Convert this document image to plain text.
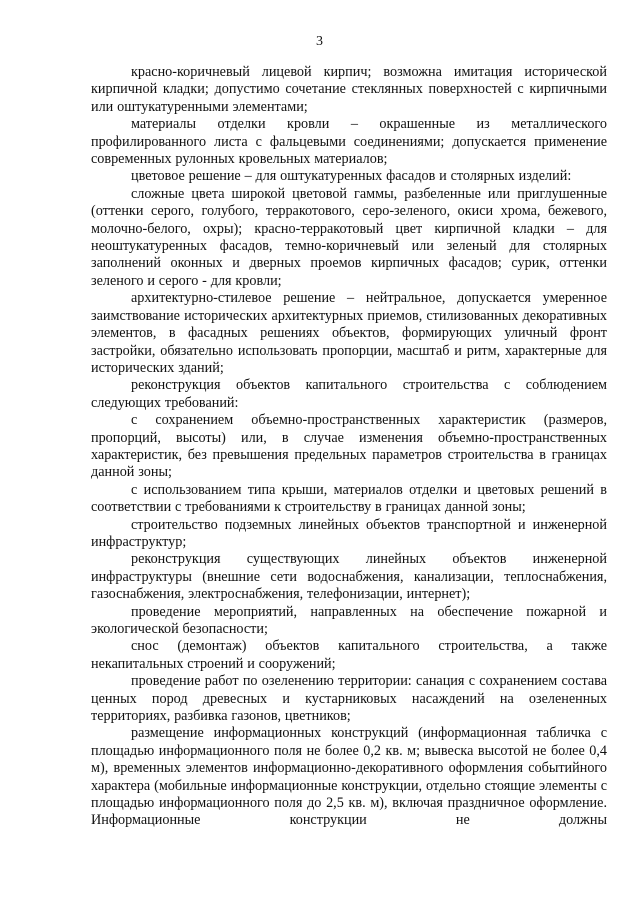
3

красно-коричневый лицевой кирпич; возможна имитация исторической кирпичной кладки; допустимо сочетание стеклянных поверхностей с кирпичными или оштукатуренными элементами;

материалы отделки кровли – окрашенные из металлического профилированного листа с фальцевыми соединениями; допускается применение современных рулонных кровельных материалов;

цветовое решение – для оштукатуренных фасадов и столярных изделий:

сложные цвета широкой цветовой гаммы, разбеленные или приглушенные (оттенки серого, голубого, терракотового, серо-зеленого, окиси хрома, бежевого, молочно-белого, охры); красно-терракотовый цвет кирпичной кладки – для неоштукатуренных фасадов, темно-коричневый или зеленый для столярных заполнений оконных и дверных проемов кирпичных фасадов; сурик, оттенки зеленого и серого - для кровли;

архитектурно-стилевое решение – нейтральное, допускается умеренное заимствование исторических архитектурных приемов, стилизованных декоративных элементов, в фасадных решениях объектов, формирующих уличный фронт застройки, обязательно использовать пропорции, масштаб и ритм, характерные для исторических зданий;

реконструкция объектов капитального строительства с соблюдением следующих требований:

с сохранением объемно-пространственных характеристик (размеров, пропорций, высоты) или, в случае изменения объемно-пространственных характеристик, без превышения предельных параметров строительства в границах данной зоны;

с использованием типа крыши, материалов отделки и цветовых решений в соответствии с требованиями к строительству в границах данной зоны;

строительство подземных линейных объектов транспортной и инженерной инфраструктур;

реконструкция существующих линейных объектов инженерной инфраструктуры (внешние сети водоснабжения, канализации, теплоснабжения, газоснабжения, электроснабжения, телефонизации, интернет);

проведение мероприятий, направленных на обеспечение пожарной и экологической безопасности;

снос (демонтаж) объектов капитального строительства, а также некапитальных строений и сооружений;

проведение работ по озеленению территории: санация с сохранением состава ценных пород древесных и кустарниковых насаждений на озелененных территориях, разбивка газонов, цветников;

размещение информационных конструкций (информационная табличка с площадью информационного поля не более 0,2 кв. м; вывеска высотой не более 0,4 м), временных элементов информационно-декоративного оформления событийного характера (мобильные информационные конструкции, отдельно стоящие элементы с площадью информационного поля до 2,5 кв. м), включая праздничное оформление. Информационные конструкции не должны
